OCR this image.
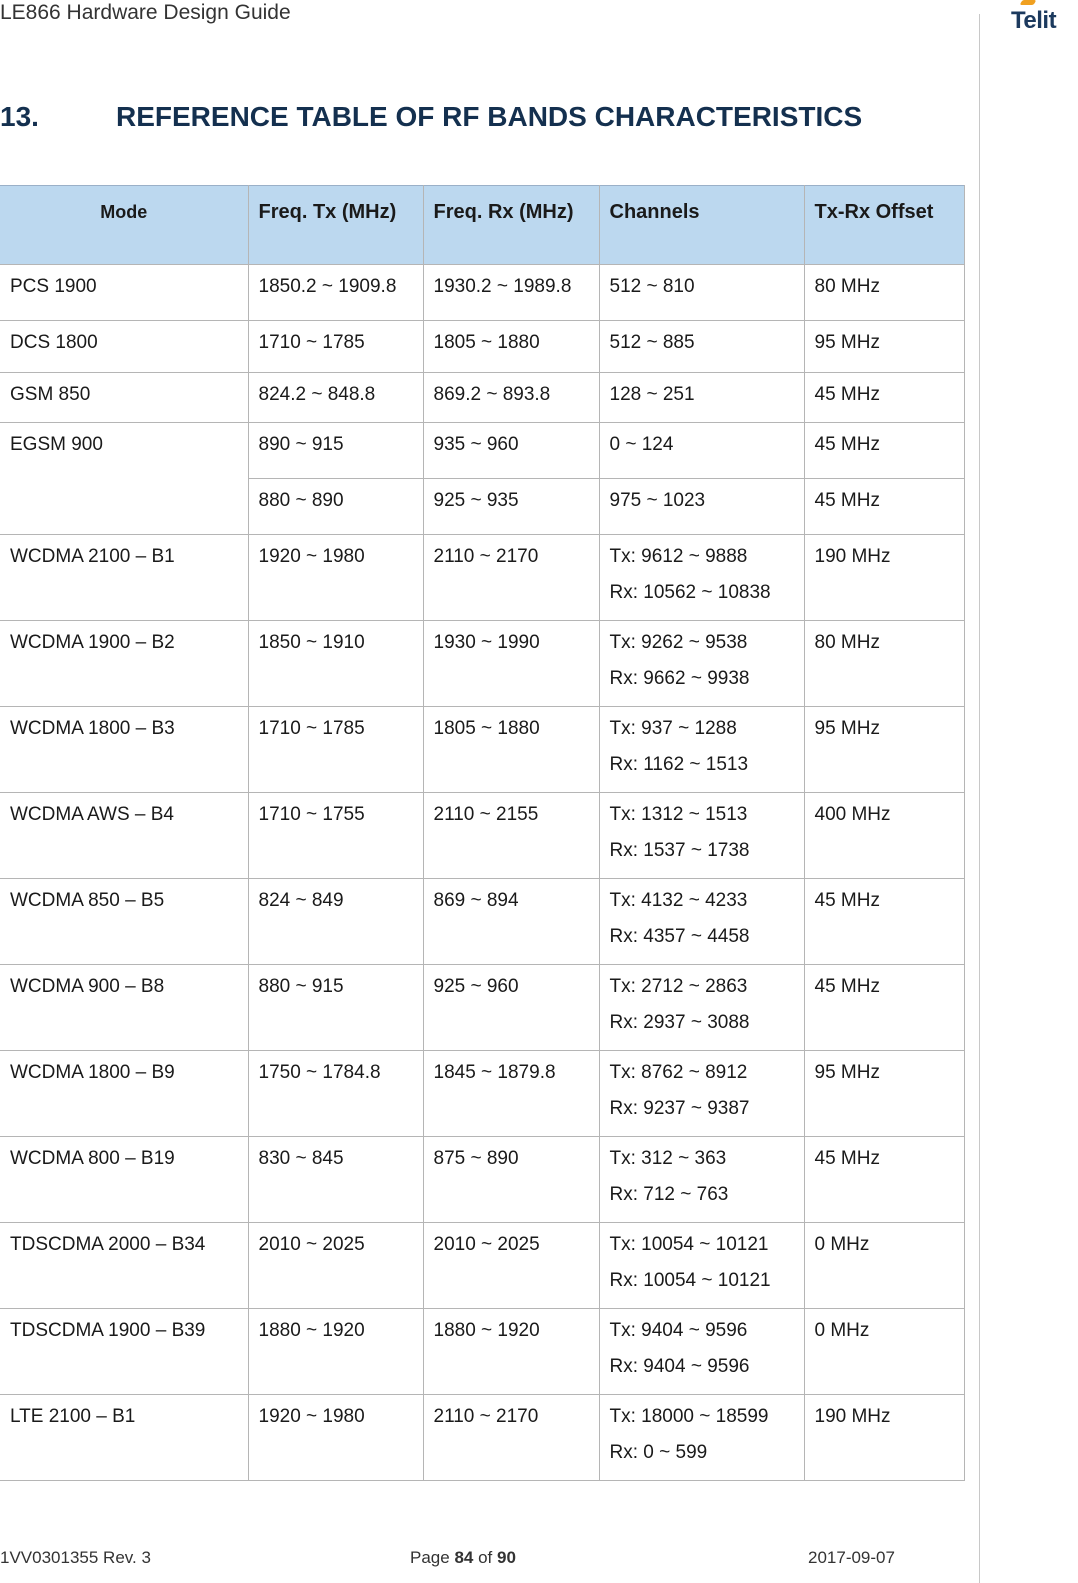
LE866 Hardware Design Guide	Telit
13.	REFERENCE TABLE OF RF BANDS CHARACTERISTICS
Mode	Freq. Tx (MHz)	Freq. Rx (MHz)	Channels	Tx-Rx Offset
PCS 1900	1850.2 ~ 1909.8	1930.2 ~ 1989.8	512 ~ 810	80 MHz
DCS 1800	1710 ~ 1785	1805 ~ 1880	512 ~ 885	95 MHz
GSM 850	824.2 ~ 848.8	869.2 ~ 893.8	128 ~ 251	45 MHz
EGSM 900	890 ~ 915	935 ~ 960	0 ~ 124	45 MHz
	880 ~ 890	925 ~ 935	975 ~ 1023	45 MHz
WCDMA 2100 – B1	1920 ~ 1980	2110 ~ 2170	Tx: 9612 ~ 9888
Rx: 10562 ~ 10838	190 MHz
WCDMA 1900 – B2	1850 ~ 1910	1930 ~ 1990	Tx: 9262 ~ 9538
Rx: 9662 ~ 9938	80 MHz
WCDMA 1800 – B3	1710 ~ 1785	1805 ~ 1880	Tx: 937 ~ 1288
Rx: 1162 ~ 1513	95 MHz
WCDMA AWS – B4	1710 ~ 1755	2110 ~ 2155	Tx: 1312 ~ 1513
Rx: 1537 ~ 1738	400 MHz
WCDMA 850 – B5	824 ~ 849	869 ~ 894	Tx: 4132 ~ 4233
Rx: 4357 ~ 4458	45 MHz
WCDMA 900 – B8	880 ~ 915	925 ~ 960	Tx: 2712 ~ 2863
Rx: 2937 ~ 3088	45 MHz
WCDMA 1800 – B9	1750 ~ 1784.8	1845 ~ 1879.8	Tx: 8762 ~ 8912
Rx: 9237 ~ 9387	95 MHz
WCDMA 800 – B19	830 ~ 845	875 ~ 890	Tx: 312 ~ 363
Rx: 712 ~ 763	45 MHz
TDSCDMA 2000 – B34	2010 ~ 2025	2010 ~ 2025	Tx: 10054 ~ 10121
Rx: 10054 ~ 10121	0 MHz
TDSCDMA 1900 – B39	1880 ~ 1920	1880 ~ 1920	Tx: 9404 ~ 9596
Rx: 9404 ~ 9596	0 MHz
LTE 2100 – B1	1920 ~ 1980	2110 ~ 2170	Tx: 18000 ~ 18599
Rx: 0 ~ 599	190 MHz
1VV0301355 Rev. 3	Page 84 of 90	2017-09-07
